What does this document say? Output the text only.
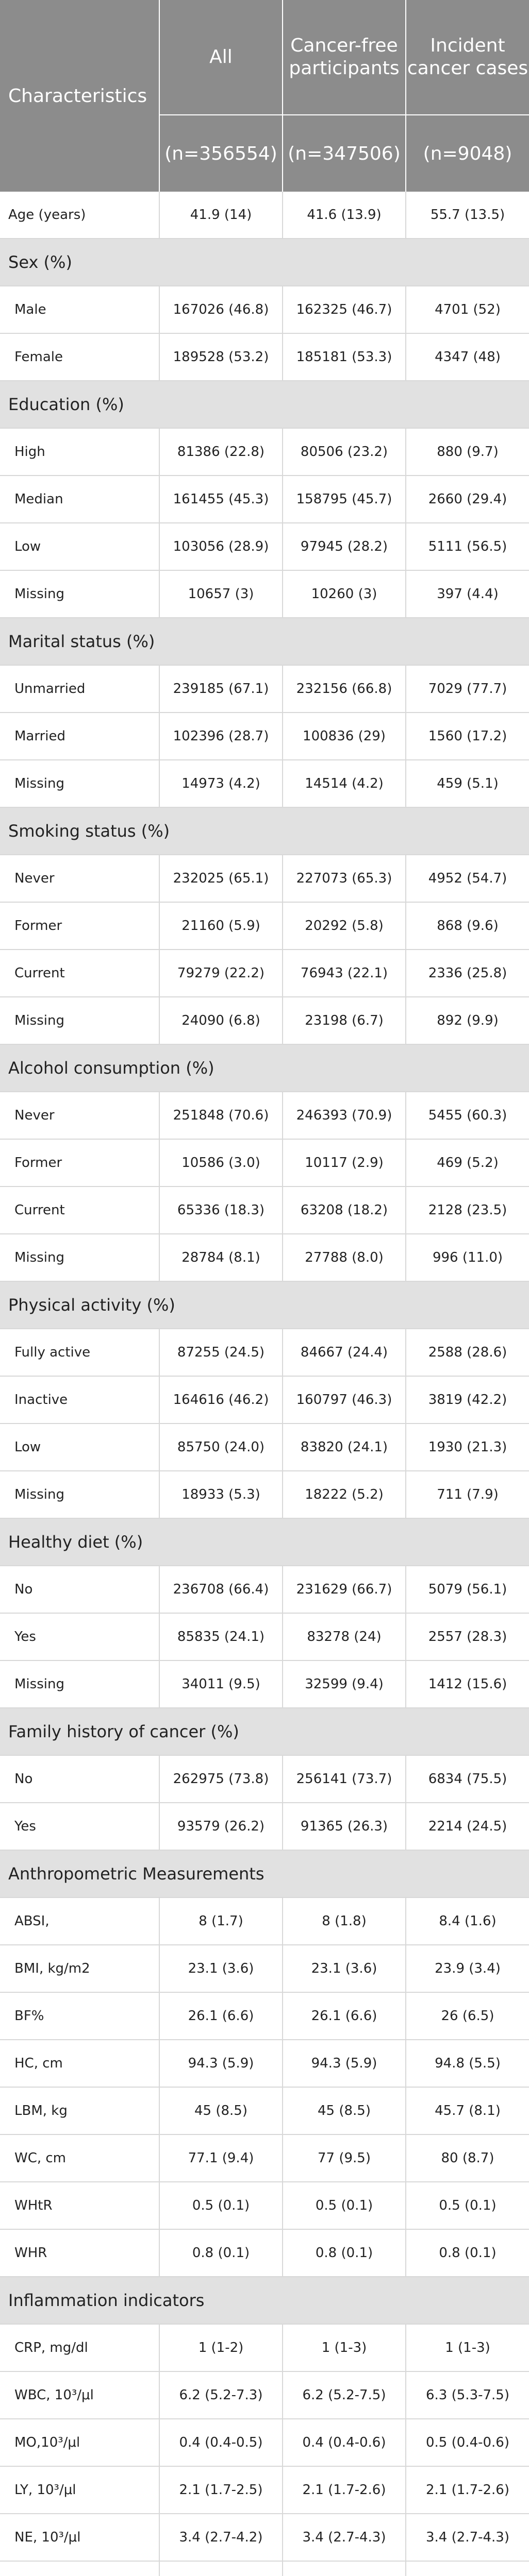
Characteristics	All	Cancer-free participants	Incident cancer cases
	(n=356554)	(n=347506)	(n=9048)
Age (years)	41.9 (14)	41.6 (13.9)	55.7 (13.5)
Sex (%)			
Male	167026 (46.8)	162325 (46.7)	4701 (52)
Female	189528 (53.2)	185181 (53.3)	4347 (48)
Education (%)			
High	81386 (22.8)	80506 (23.2)	880 (9.7)
Median	161455 (45.3)	158795 (45.7)	2660 (29.4)
Low	103056 (28.9)	97945 (28.2)	5111 (56.5)
Missing	10657 (3)	10260 (3)	397 (4.4)
Marital status (%)			
Unmarried	239185 (67.1)	232156 (66.8)	7029 (77.7)
Married	102396 (28.7)	100836 (29)	1560 (17.2)
Missing	14973 (4.2)	14514 (4.2)	459 (5.1)
Smoking status (%)			
Never	232025 (65.1)	227073 (65.3)	4952 (54.7)
Former	21160 (5.9)	20292 (5.8)	868 (9.6)
Current	79279 (22.2)	76943 (22.1)	2336 (25.8)
Missing	24090 (6.8)	23198 (6.7)	892 (9.9)
Alcohol consumption (%)			
Never	251848 (70.6)	246393 (70.9)	5455 (60.3)
Former	10586 (3.0)	10117 (2.9)	469 (5.2)
Current	65336 (18.3)	63208 (18.2)	2128 (23.5)
Missing	28784 (8.1)	27788 (8.0)	996 (11.0)
Physical activity (%)			
Fully active	87255 (24.5)	84667 (24.4)	2588 (28.6)
Inactive	164616 (46.2)	160797 (46.3)	3819 (42.2)
Low	85750 (24.0)	83820 (24.1)	1930 (21.3)
Missing	18933 (5.3)	18222 (5.2)	711 (7.9)
Healthy diet (%)			
No	236708 (66.4)	231629 (66.7)	5079 (56.1)
Yes	85835 (24.1)	83278 (24)	2557 (28.3)
Missing	34011 (9.5)	32599 (9.4)	1412 (15.6)
Family history of cancer (%)			
No	262975 (73.8)	256141 (73.7)	6834 (75.5)
Yes	93579 (26.2)	91365 (26.3)	2214 (24.5)
Anthropometric Measurements			
ABSI,	8 (1.7)	8 (1.8)	8.4 (1.6)
BMI, kg/m2	23.1 (3.6)	23.1 (3.6)	23.9 (3.4)
BF%	26.1 (6.6)	26.1 (6.6)	26 (6.5)
HC, cm	94.3 (5.9)	94.3 (5.9)	94.8 (5.5)
LBM, kg	45 (8.5)	45 (8.5)	45.7 (8.1)
WC, cm	77.1 (9.4)	77 (9.5)	80 (8.7)
WHtR	0.5 (0.1)	0.5 (0.1)	0.5 (0.1)
WHR	0.8 (0.1)	0.8 (0.1)	0.8 (0.1)
Inflammation indicators			
CRP, mg/dl	1 (1-2)	1 (1-3)	1 (1-3)
WBC, 10³/μl	6.2 (5.2-7.3)	6.2 (5.2-7.5)	6.3 (5.3-7.5)
MO,10³/μl	0.4 (0.4-0.5)	0.4 (0.4-0.6)	0.5 (0.4-0.6)
LY, 10³/μl	2.1 (1.7-2.5)	2.1 (1.7-2.6)	2.1 (1.7-2.6)
NE, 10³/μl	3.4 (2.7-4.2)	3.4 (2.7-4.3)	3.4 (2.7-4.3)
